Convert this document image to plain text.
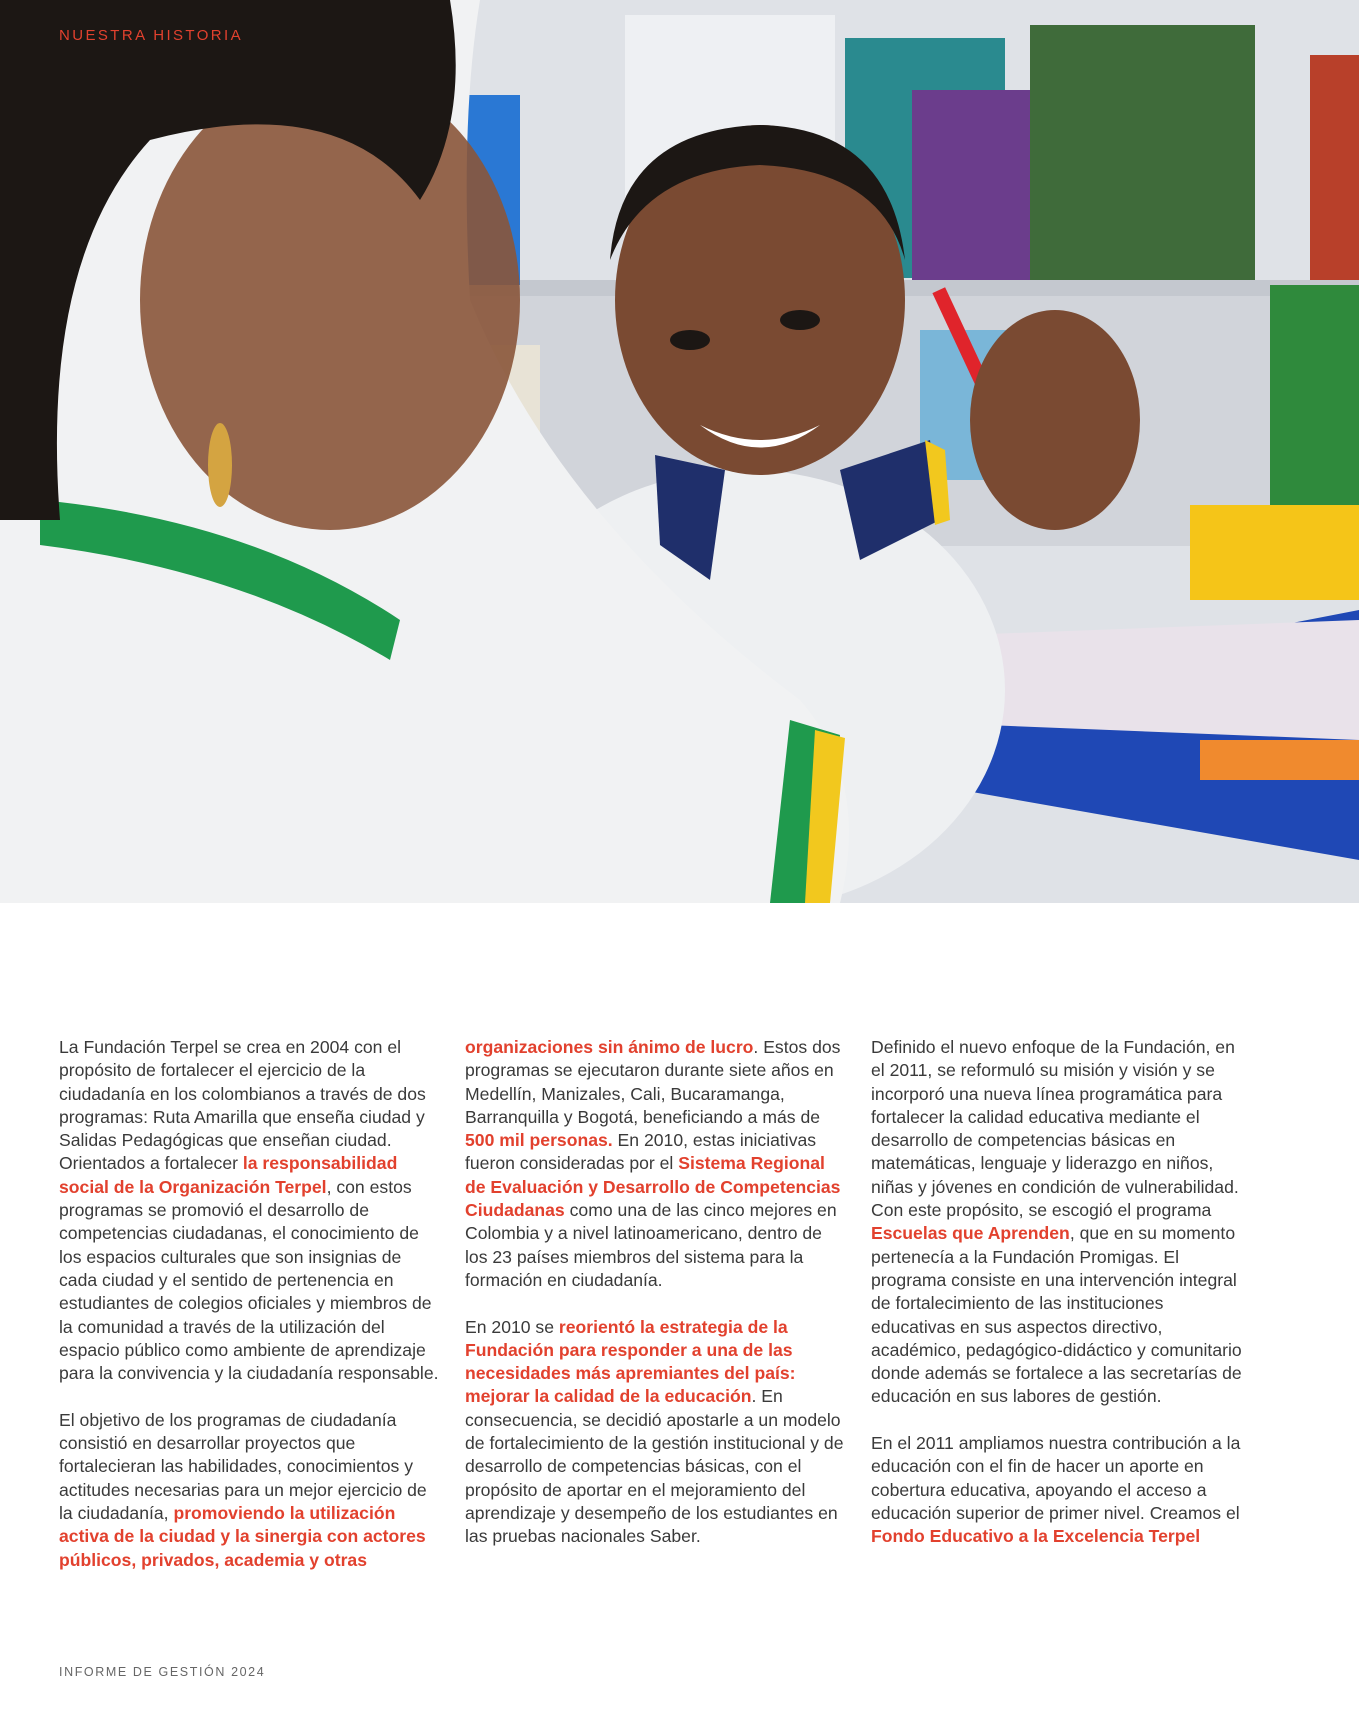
NUESTRA HISTORIA

La Fundación Terpel se crea en 2004 con el propósito de fortalecer el ejercicio de la ciudadanía en los colombianos a través de dos programas: Ruta Amarilla que enseña ciudad y Salidas Pedagógicas que enseñan ciudad. Orientados a fortalecer la responsabilidad social de la Organización Terpel, con estos programas se promovió el desarrollo de competencias ciudadanas, el conocimiento de los espacios culturales que son insignias de cada ciudad y el sentido de pertenencia en estudiantes de colegios oficiales y miembros de la comunidad a través de la utilización del espacio público como ambiente de aprendizaje para la convivencia y la ciudadanía responsable.

El objetivo de los programas de ciudadanía consistió en desarrollar proyectos que fortalecieran las habilidades, conocimientos y actitudes necesarias para un mejor ejercicio de la ciudadanía, promoviendo la utilización activa de la ciudad y la sinergia con actores públicos, privados, academia y otras

organizaciones sin ánimo de lucro. Estos dos programas se ejecutaron durante siete años en Medellín, Manizales, Cali, Bucaramanga, Barranquilla y Bogotá, beneficiando a más de 500 mil personas. En 2010, estas iniciativas fueron consideradas por el Sistema Regional de Evaluación y Desarrollo de Competencias Ciudadanas como una de las cinco mejores en Colombia y a nivel latinoamericano, dentro de los 23 países miembros del sistema para la formación en ciudadanía.

En 2010 se reorientó la estrategia de la Fundación para responder a una de las necesidades más apremiantes del país: mejorar la calidad de la educación. En consecuencia, se decidió apostarle a un modelo de fortalecimiento de la gestión institucional y de desarrollo de competencias básicas, con el propósito de aportar en el mejoramiento del aprendizaje y desempeño de los estudiantes en las pruebas nacionales Saber.

Definido el nuevo enfoque de la Fundación, en el 2011, se reformuló su misión y visión y se incorporó una nueva línea programática para fortalecer la calidad educativa mediante el desarrollo de competencias básicas en matemáticas, lenguaje y liderazgo en niños, niñas y jóvenes en condición de vulnerabilidad. Con este propósito, se escogió el programa Escuelas que Aprenden, que en su momento pertenecía a la Fundación Promigas. El programa consiste en una intervención integral de fortalecimiento de las instituciones educativas en sus aspectos directivo, académico, pedagógico-didáctico y comunitario donde además se fortalece a las secretarías de educación en sus labores de gestión.

En el 2011 ampliamos nuestra contribución a la educación con el fin de hacer un aporte en cobertura educativa, apoyando el acceso a educación superior de primer nivel. Creamos el Fondo Educativo a la Excelencia Terpel

INFORME DE GESTIÓN 2024
